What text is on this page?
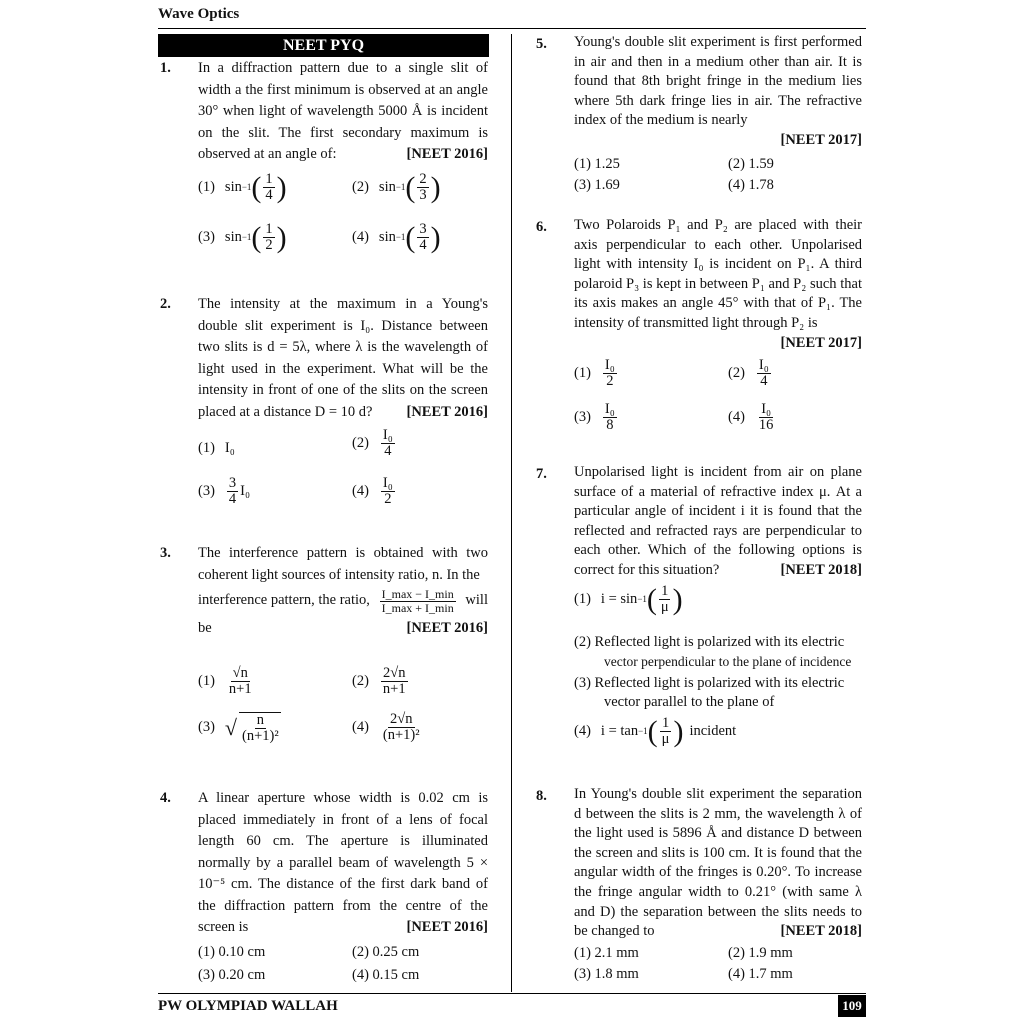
Wave Optics
NEET PYQ
1. In a diffraction pattern due to a single slit of width a the first minimum is observed at an angle 30° when light of wavelength 5000 Å is incident on the slit. The first secondary maximum is observed at an angle of:	[NEET 2016]
(1) sin −1 ( $\frac{1}{4}$ )	(2) sin −1 ( $\frac{2}{3}$ )
(3) sin −1 ( $\frac{1}{2}$ )	(4) sin −1 ( $\frac{3}{4}$ )
2. The intensity at the maximum in a Young's double slit experiment is I₀. Distance between two slits is d = 5λ, where λ is the wavelength of light used in the experiment. What will be the intensity in front of one of the slits on the screen placed at a distance D = 10 d? [NEET 2016]
(1) I₀	$(2) \frac{\text{I₀}}{4}$
$(3) \frac{3}{4} I_0$	$(4) \frac{\text{I₀}}{2}$
3. The interference pattern is obtained with two coherent light sources of intensity ratio, n. In the
interference pattern, the ratio, $\frac{I\_\max - I\_\min}{I\_\max + I\_\min}$ will
be	[NEET 2016]
$(1) \frac{√n}{n+1}$	$(2) \frac{2√n}{n+1}$
(3) √ $\frac{n}{\text{(n+1)²}}$	$(4) \frac{2√n}{\text{(n+1)²}}$
4. A linear aperture whose width is 0.02 cm is placed immediately in front of a lens of focal length 60 cm. The aperture is illuminated normally by a parallel beam of wavelength 5 × 10⁻⁵ cm. The distance of the first dark band of the diffraction pattern from the centre of the screen is	[NEET 2016]
(1) 0.10 cm	(2) 0.25 cm
(3) 0.20 cm	(4) 0.15 cm
5. Young's double slit experiment is first performed in air and then in a medium other than air. It is found that 8th bright fringe in the medium lies where 5th dark fringe lies in air. The refractive index of the medium is nearly
[NEET 2017]
(1) 1.25	(2) 1.59
(3) 1.69	(4) 1.78
6. Two Polaroids P₁ and P₂ are placed with their axis perpendicular to each other. Unpolarised light with intensity I₀ is incident on P₁. A third polaroid P₃ is kept in between P₁ and P₂ such that its axis makes an angle 45° with that of P₁. The intensity of transmitted light through P₂ is
[NEET 2017]
$(1) \frac{\text{I₀}}{2}$	$(2) \frac{\text{I₀}}{4}$
$(3) \frac{\text{I₀}}{8}$	$(4) \frac{\text{I₀}}{16}$
7. Unpolarised light is incident from air on plane surface of a material of refractive index μ. At a particular angle of incident i it is found that the reflected and refracted rays are perpendicular to each other. Which of the following options is correct for this situation?	[NEET 2018]
(1) i = sin −1 ( $\frac{1}{\mu}$ )
(2) Reflected light is polarized with its electric
vector perpendicular to the plane of incidence
(3) Reflected light is polarized with its electric
vector parallel to the plane of
(4) i = tan −1 ( $\frac{1}{\mu}$ ) incident
8. In Young's double slit experiment the separation d between the slits is 2 mm, the wavelength λ of the light used is 5896 Å and distance D between the screen and slits is 100 cm. It is found that the angular width of the fringes is 0.20°. To increase the fringe angular width to 0.21° (with same λ and D) the separation between the slits needs to be changed to	[NEET 2018]
(1) 2.1 mm	(2) 1.9 mm
(3) 1.8 mm	(4) 1.7 mm
PW OLYMPIAD WALLAH	109
